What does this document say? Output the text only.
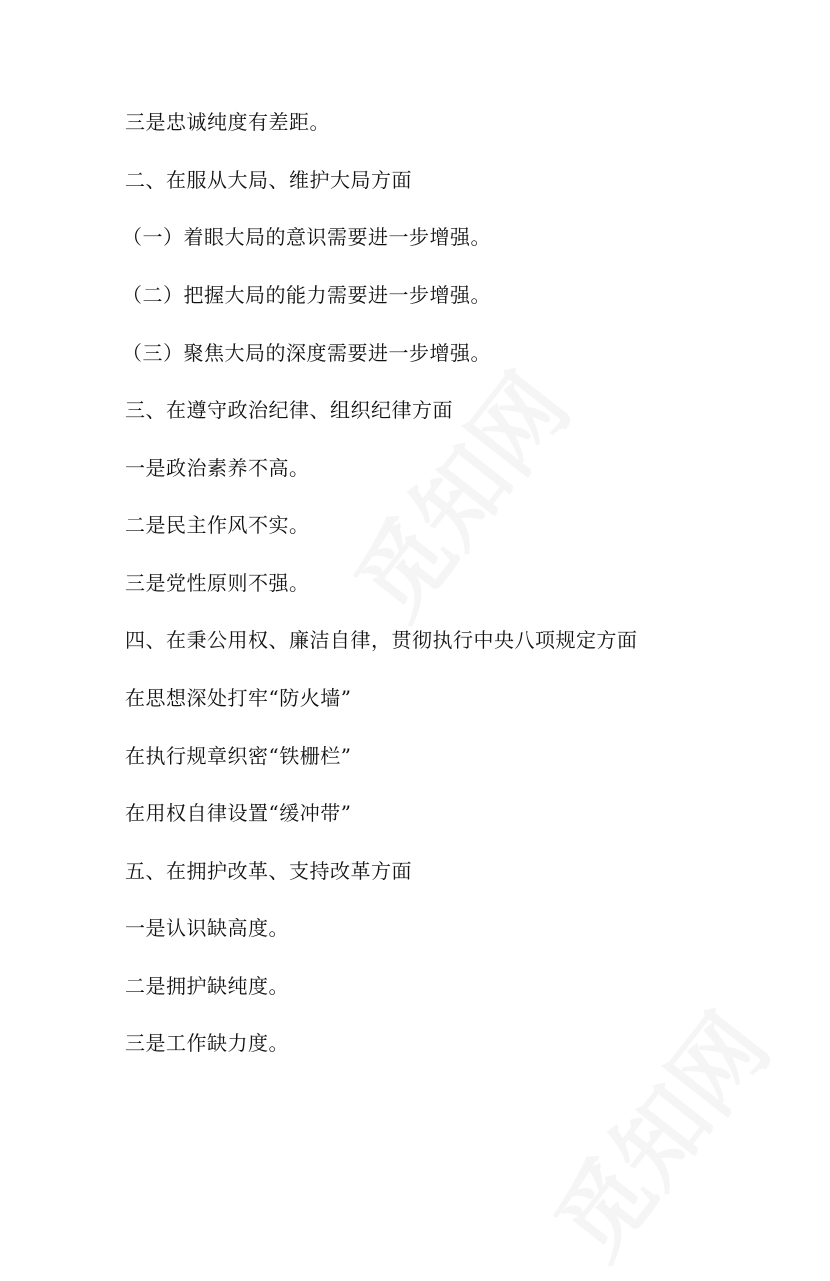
三是忠诚纯度有差距。
二、在服从大局、维护大局方面
（一）着眼大局的意识需要进一步增强。
（二）把握大局的能力需要进一步增强。
（三）聚焦大局的深度需要进一步增强。
三、在遵守政治纪律、组织纪律方面
一是政治素养不高。
二是民主作风不实。
三是党性原则不强。
四、在秉公用权、廉洁自律，贯彻执行中央八项规定方面
在思想深处打牢“防火墙”
在执行规章织密“铁栅栏”
在用权自律设置“缓冲带”
五、在拥护改革、支持改革方面
一是认识缺高度。
二是拥护缺纯度。
三是工作缺力度。
